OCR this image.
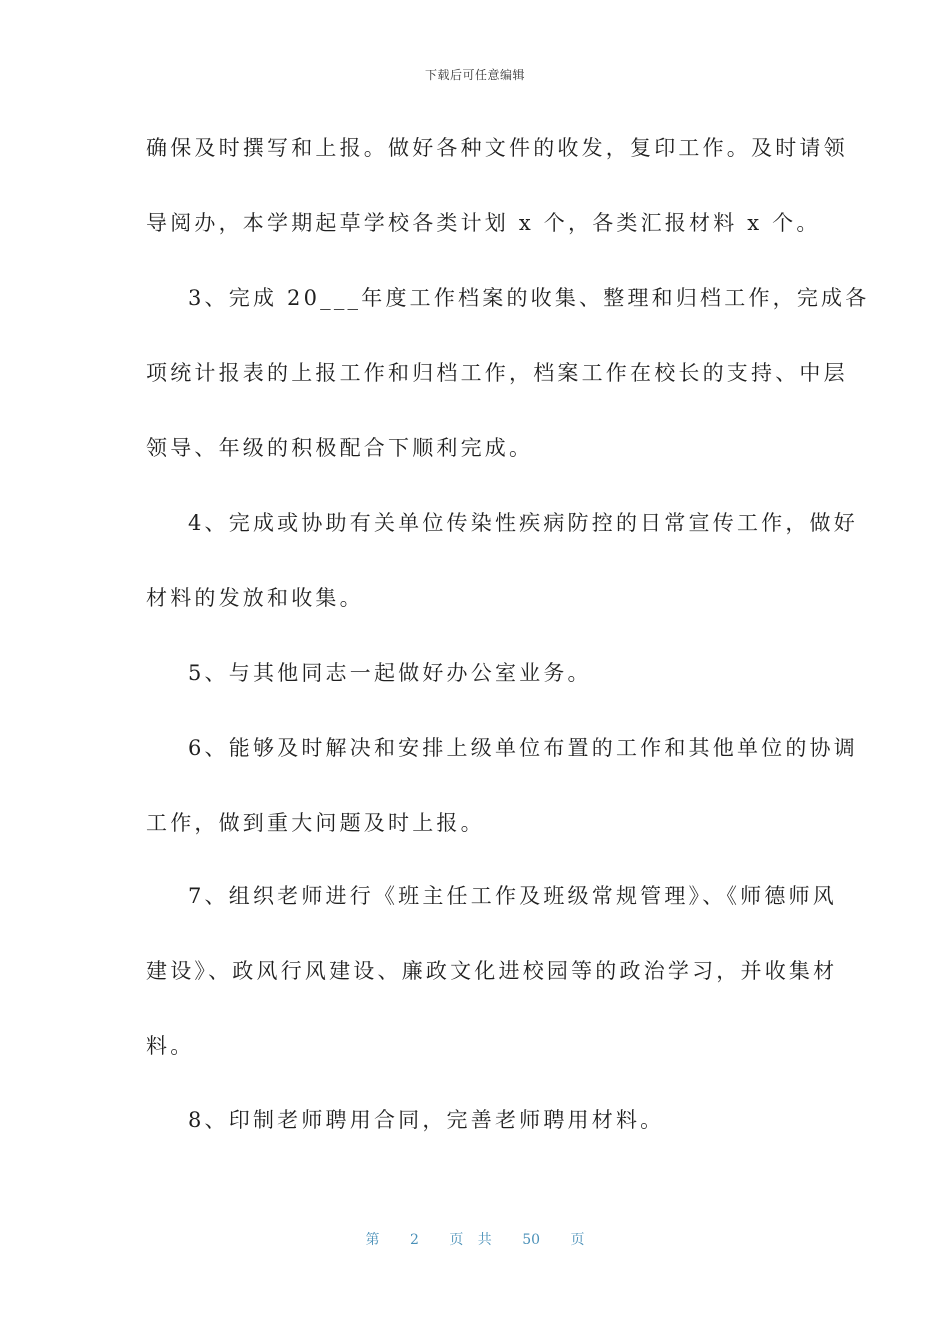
下载后可任意编辑
确保及时撰写和上报。做好各种文件的收发，复印工作。及时请领
导阅办，本学期起草学校各类计划 x 个，各类汇报材料 x 个。
3、完成 20___年度工作档案的收集、整理和归档工作，完成各
项统计报表的上报工作和归档工作，档案工作在校长的支持、中层
领导、年级的积极配合下顺利完成。
4、完成或协助有关单位传染性疾病防控的日常宣传工作，做好
材料的发放和收集。
5、与其他同志一起做好办公室业务。
6、能够及时解决和安排上级单位布置的工作和其他单位的协调
工作，做到重大问题及时上报。
7、组织老师进行《班主任工作及班级常规管理》、《师德师风
建设》、政风行风建设、廉政文化进校园等的政治学习，并收集材
料。
8、印制老师聘用合同，完善老师聘用材料。
第 2 页 共 50 页
